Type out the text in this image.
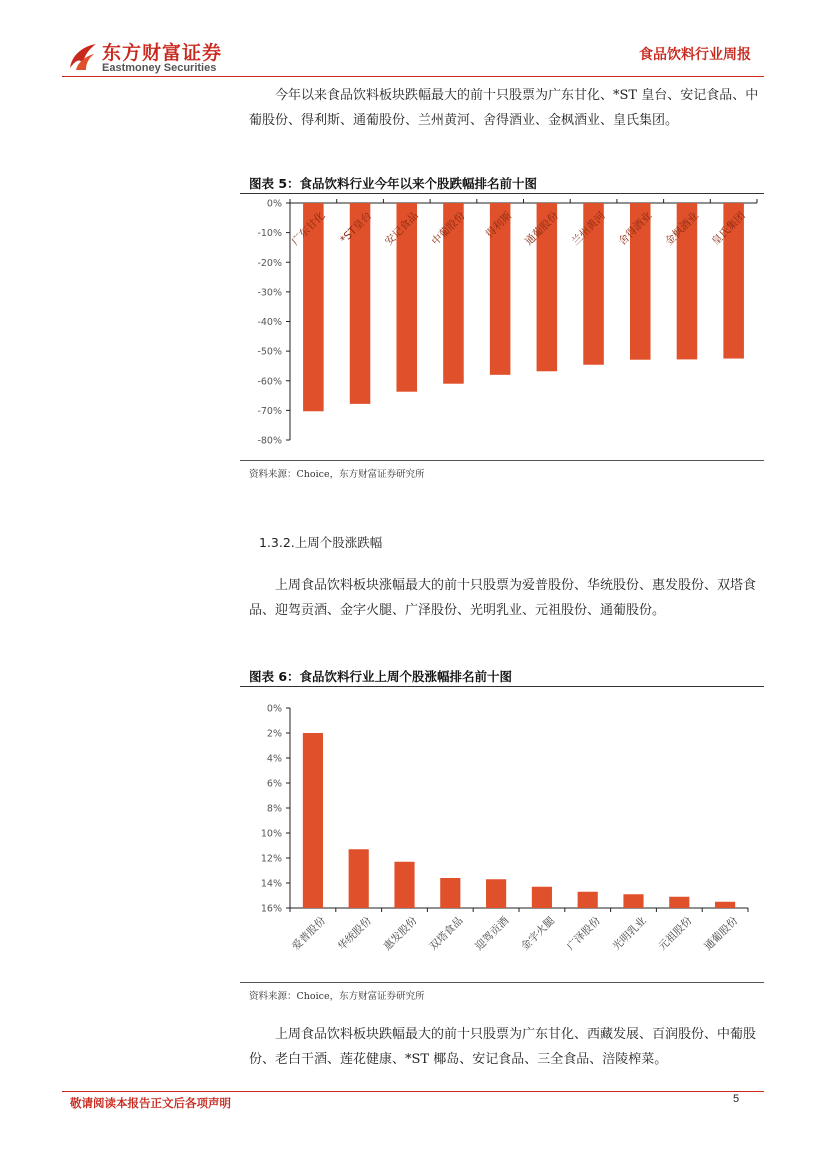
东方财富证券
Eastmoney Securities
食品饮料行业周报
今年以来食品饮料板块跌幅最大的前十只股票为广东甘化、*ST 皇台、安记食品、中葡股份、得利斯、通葡股份、兰州黄河、舍得酒业、金枫酒业、皇氏集团。
图表 5：食品饮料行业今年以来个股跌幅排名前十图
0%
-10%
-20%
-30%
-40%
-50%
-60%
-70%
-80%
广东甘化 *ST皇台 安记食品 中葡股份 得利斯 通葡股份 兰州黄河 舍得酒业 金枫酒业 皇氏集团
资料来源：Choice，东方财富证券研究所
1.3.2.上周个股涨跌幅
上周食品饮料板块涨幅最大的前十只股票为爱普股份、华统股份、惠发股份、双塔食品、迎驾贡酒、金字火腿、广泽股份、光明乳业、元祖股份、通葡股份。
图表 6：食品饮料行业上周个股涨幅排名前十图
0%
2%
4%
6%
8%
10%
12%
14%
16%
爱普股份 华统股份 惠发股份 双塔食品 迎驾贡酒 金字火腿 广泽股份 光明乳业 元祖股份 通葡股份
资料来源：Choice，东方财富证券研究所
上周食品饮料板块跌幅最大的前十只股票为广东甘化、西藏发展、百润股份、中葡股份、老白干酒、莲花健康、*ST 椰岛、安记食品、三全食品、涪陵榨菜。
敬请阅读本报告正文后各项声明	5
